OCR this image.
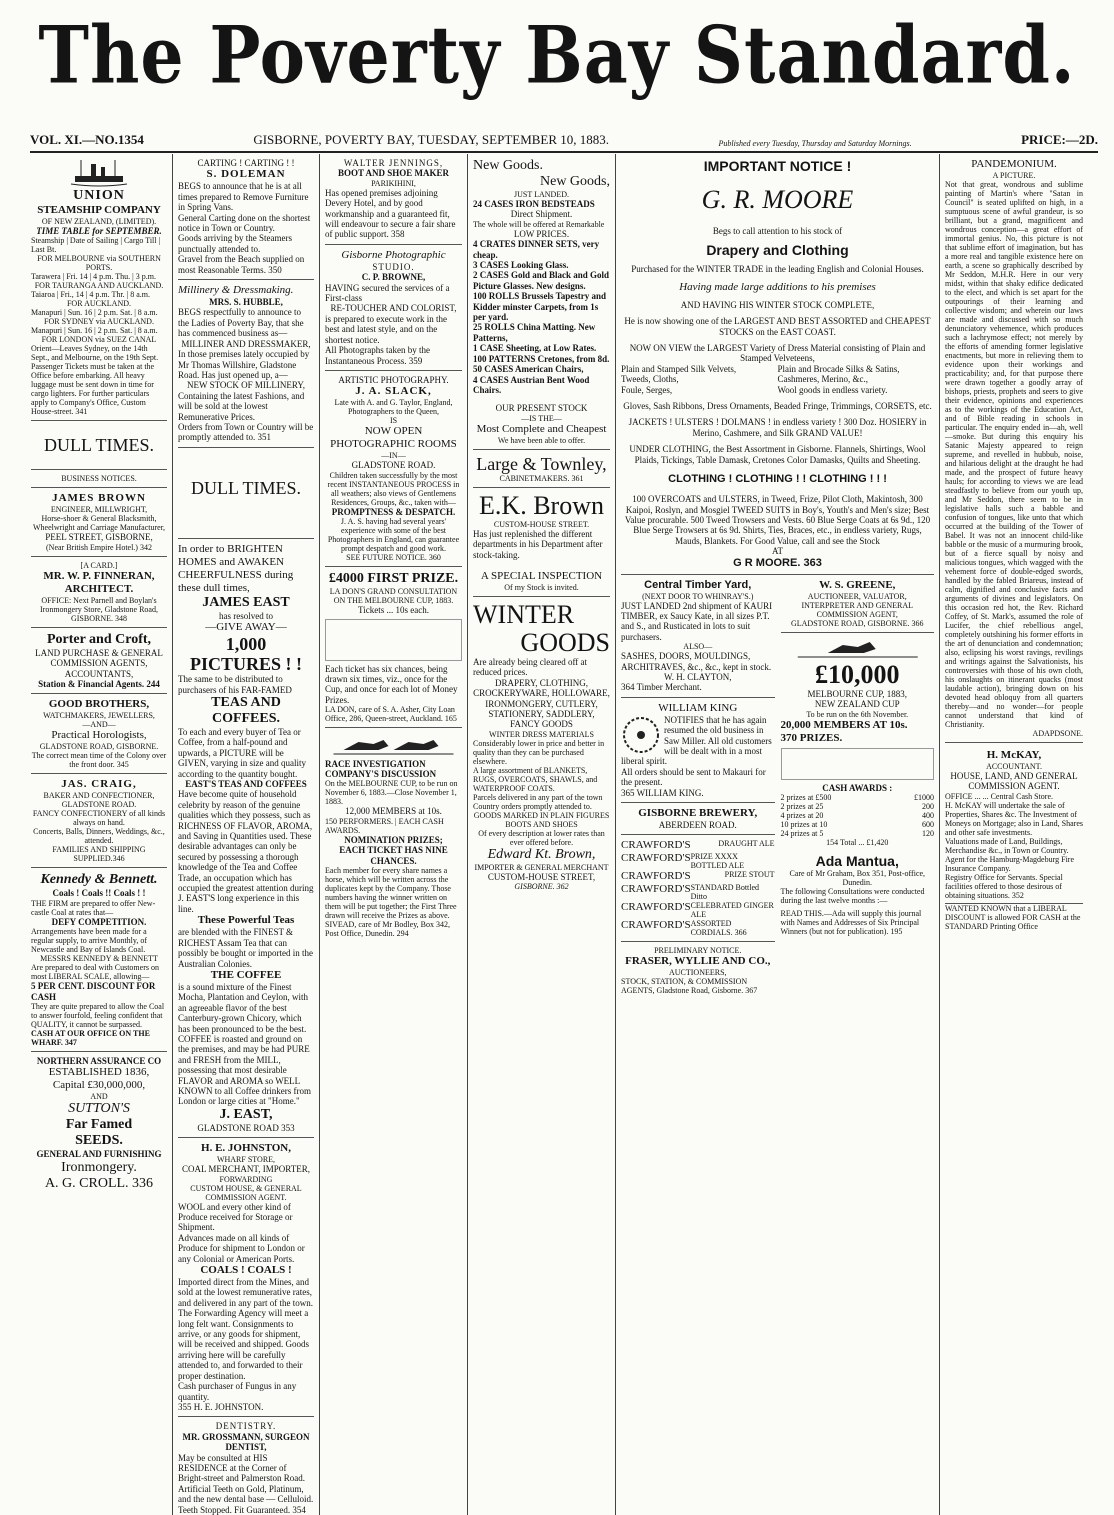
The Poverty Bay Standard.
VOL. XI.—NO.1354	GISBORNE, POVERTY BAY, TUESDAY, SEPTEMBER 10, 1883.	Published every Tuesday, Thursday and Saturday Mornings.	PRICE:—2D.
UNION
STEAMSHIP COMPANY
OF NEW ZEALAND, (LIMITED).
TIME TABLE for SEPTEMBER.
Steamship | Date of Sailing | Cargo Till | Last Bt.
FOR MELBOURNE via SOUTHERN PORTS.
Tarawera | Fri. 14 | 4 p.m. Thu. | 3 p.m.
FOR TAURANGA AND AUCKLAND.
Taiaroa | Fri., 14 | 4 p.m. Thr. | 8 a.m.
FOR AUCKLAND.
Manapuri | Sun. 16 | 2 p.m. Sat. | 8 a.m.
FOR SYDNEY via AUCKLAND.
Manapuri | Sun. 16 | 2 p.m. Sat. | 8 a.m.
FOR LONDON via SUEZ CANAL
Orient—Leaves Sydney, on the 14th Sept., and Melbourne, on the 19th Sept.
Passenger Tickets must be taken at the Office before embarking. All heavy luggage must be sent down in time for cargo lighters. For further particulars apply to Company's Office, Custom House-street. 341
DULL TIMES.
BUSINESS NOTICES.
JAMES BROWN
ENGINEER, MILLWRIGHT,
Horse-shoer & General Blacksmith, Wheelwright and Carriage Manufacturer,
PEEL STREET, GISBORNE,
(Near British Empire Hotel.) 342
[A CARD.]
MR. W. P. FINNERAN, ARCHITECT.
OFFICE: Next Parnell and Boylan's Ironmongery Store, Gladstone Road,
GISBORNE. 348
Porter and Croft,
LAND PURCHASE & GENERAL
COMMISSION AGENTS,
ACCOUNTANTS,
Station & Financial Agents. 244
GOOD BROTHERS,
WATCHMAKERS, JEWELLERS,
—AND—
Practical Horologists,
GLADSTONE ROAD, GISBORNE.
The correct mean time of the Colony over the front door. 345
JAS. CRAIG,
BAKER AND CONFECTIONER,
GLADSTONE ROAD.
FANCY CONFECTIONERY of all kinds always on hand.
Concerts, Balls, Dinners, Weddings, &c., attended.
FAMILIES AND SHIPPING SUPPLIED.346
Kennedy & Bennett.
Coals ! Coals !! Coals ! !
THE FIRM are prepared to offer New-castle Coal at rates that—
DEFY COMPETITION.
Arrangements have been made for a regular supply, to arrive Monthly, of Newcastle and Bay of Islands Coal.
MESSRS KENNEDY & BENNETT
Are prepared to deal with Customers on most LIBERAL SCALE, allowing—
5 PER CENT. DISCOUNT FOR CASH
They are quite prepared to allow the Coal to answer fourfold, feeling confident that QUALITY, it cannot be surpassed.
CASH AT OUR OFFICE ON THE WHARF. 347
NORTHERN ASSURANCE CO
ESTABLISHED 1836,
Capital £30,000,000,
AND
SUTTON'S
Far Famed
SEEDS.
GENERAL AND FURNISHING
Ironmongery.
A. G. CROLL. 336
CARTING ! CARTING ! !
S. DOLEMAN
BEGS to announce that he is at all times prepared to Remove Furniture in Spring Vans.
General Carting done on the shortest notice in Town or Country.
Goods arriving by the Steamers punctually attended to.
Gravel from the Beach supplied on most Reasonable Terms. 350
Millinery & Dressmaking.
MRS. S. HUBBLE,
BEGS respectfully to announce to the Ladies of Poverty Bay, that she has commenced business as—
MILLINER AND DRESSMAKER,
In those premises lately occupied by Mr Thomas Willshire, Gladstone Road. Has just opened up, a—
NEW STOCK OF MILLINERY,
Containing the latest Fashions, and will be sold at the lowest Remunerative Prices.
Orders from Town or Country will be promptly attended to. 351
DULL TIMES.
In order to BRIGHTEN HOMES and AWAKEN CHEERFULNESS during these dull times,
JAMES EAST
has resolved to
—GIVE AWAY—
1,000 PICTURES ! !
The same to be distributed to purchasers of his FAR-FAMED
TEAS AND COFFEES.
To each and every buyer of Tea or Coffee, from a half-pound and upwards, a PICTURE will be GIVEN, varying in size and quality according to the quantity bought.
EAST'S TEAS AND COFFEES
Have become quite of household celebrity by reason of the genuine qualities which they possess, such as RICHNESS OF FLAVOR, AROMA, and Saving in Quantities used. These desirable advantages can only be secured by possessing a thorough knowledge of the Tea and Coffee Trade, an occupation which has occupied the greatest attention during J. EAST'S long experience in this line.
These Powerful Teas
are blended with the FINEST & RICHEST Assam Tea that can possibly be bought or imported in the Australian Colonies.
THE COFFEE
is a sound mixture of the Finest Mocha, Plantation and Ceylon, with an agreeable flavor of the best Canterbury-grown Chicory, which has been pronounced to be the best. COFFEE is roasted and ground on the premises, and may be had PURE and FRESH from the MILL, possessing that most desirable FLAVOR and AROMA so WELL KNOWN to all Coffee drinkers from London or large cities at "Home."
J. EAST,
GLADSTONE ROAD 353
H. E. JOHNSTON,
WHARF STORE,
COAL MERCHANT, IMPORTER,
FORWARDING
CUSTOM HOUSE, & GENERAL COMMISSION AGENT.
WOOL and every other kind of Produce received for Storage or Shipment.
Advances made on all kinds of Produce for shipment to London or any Colonial or American Ports.
COALS ! COALS !
Imported direct from the Mines, and sold at the lowest remunerative rates, and delivered in any part of the town.
The Forwarding Agency will meet a long felt want. Consignments to arrive, or any goods for shipment, will be received and shipped. Goods arriving here will be carefully attended to, and forwarded to their proper destination.
Cash purchaser of Fungus in any quantity.
355 H. E. JOHNSTON.
DENTISTRY.
MR. GROSSMANN, SURGEON DENTIST,
May be consulted at HIS RESIDENCE at the Corner of Bright-street and Palmerston Road.
Artificial Teeth on Gold, Platinum, and the new dental base — Celluloid. Teeth Stopped. Fit Guaranteed. 354
WALTER JENNINGS,
BOOT AND SHOE MAKER
PARIKIHINI,
Has opened premises adjoining Devery Hotel, and by good workmanship and a guaranteed fit, will endeavour to secure a fair share of public support. 358
Gisborne Photographic
STUDIO.
C. P. BROWNE,
HAVING secured the services of a First-class
RE-TOUCHER AND COLORIST,
is prepared to execute work in the best and latest style, and on the shortest notice.
All Photographs taken by the Instantaneous Process. 359
ARTISTIC PHOTOGRAPHY.
J. A. SLACK,
Late with A. and G. Taylor, England, Photographers to the Queen,
IS
NOW OPEN
PHOTOGRAPHIC ROOMS
—IN—
GLADSTONE ROAD.
Children taken successfully by the most recent INSTANTANEOUS PROCESS in all weathers; also views of Gentlemens Residences, Groups, &c., taken with—
PROMPTNESS & DESPATCH.
J. A. S. having had several years' experience with some of the best Photographers in England, can guarantee prompt despatch and good work.
SEE FUTURE NOTICE. 360
£4000 FIRST PRIZE.
LA DON'S GRAND CONSULTATION
ON THE MELBOURNE CUP, 1883.
Tickets ... 10s each.
Each ticket has six chances, being drawn six times, viz., once for the Cup, and once for each lot of Money Prizes.
LA DON, care of S. A. Asher, City Loan Office, 286, Queen-street, Auckland. 165
RACE INVESTIGATION COMPANY'S DISCUSSION
On the MELBOURNE CUP, to be run on November 6, 1883.—Close November 1, 1883.
12,000 MEMBERS at 10s.
150 PERFORMERS. | EACH CASH AWARDS.
NOMINATION PRIZES;
EACH TICKET HAS NINE CHANCES.
Each member for every share names a horse, which will be written across the duplicates kept by the Company. Those numbers having the winner written on them will be put together; the First Three drawn will receive the Prizes as above.
SIVEAD, care of Mr Bodley, Box 342, Post Office, Dunedin. 294
New Goods.
New Goods,
JUST LANDED.
24 CASES IRON BEDSTEADS
Direct Shipment.
The whole will be offered at Remarkable
LOW PRICES.
4 CRATES DINNER SETS, very cheap.
3 CASES Looking Glass.
2 CASES Gold and Black and Gold Picture Glasses. New designs.
100 ROLLS Brussels Tapestry and Kidder minster Carpets, from 1s per yard.
25 ROLLS China Matting. New Patterns,
1 CASE Sheeting, at Low Rates.
100 PATTERNS Cretones, from 8d.
50 CASES American Chairs,
4 CASES Austrian Bent Wood Chairs.
OUR PRESENT STOCK
—IS THE—
Most Complete and Cheapest
We have been able to offer.
Large & Townley,
CABINETMAKERS. 361
E.K. Brown
CUSTOM-HOUSE STREET.
Has just replenished the different departments in his Department after stock-taking.
A SPECIAL INSPECTION
Of my Stock is invited.
WINTER
GOODS
Are already being cleared off at reduced prices.
DRAPERY, CLOTHING, CROCKERYWARE, HOLLOWARE, IRONMONGERY, CUTLERY, STATIONERY, SADDLERY, FANCY GOODS
WINTER DRESS MATERIALS
Considerably lower in price and better in quality than they can be purchased elsewhere.
A large assortment of BLANKETS, RUGS, OVERCOATS, SHAWLS, and WATERPROOF COATS.
Parcels delivered in any part of the town Country orders promptly attended to.
GOODS MARKED IN PLAIN FIGURES
BOOTS AND SHOES
Of every description at lower rates than ever offered before.
Edward Kt. Brown,
IMPORTER & GENERAL MERCHANT
CUSTOM-HOUSE STREET,
GISBORNE. 362
IMPORTANT NOTICE !
G. R. MOORE
Begs to call attention to his stock of
Drapery and Clothing
Purchased for the WINTER TRADE in the leading English and Colonial Houses.
Having made large additions to his premises
AND HAVING HIS WINTER STOCK COMPLETE,
He is now showing one of the LARGEST AND BEST ASSORTED and CHEAPEST STOCKS on the EAST COAST.
NOW ON VIEW the LARGEST Variety of Dress Material consisting of Plain and Stamped Velveteens,
Plain and Stamped Silk Velvets,	Plain and Brocade Silks & Satins,
Tweeds, Cloths,	Cashmeres, Merino, &c.,
Foule, Serges,	Wool goods in endless variety.
Gloves, Sash Ribbons, Dress Ornaments, Beaded Fringe, Trimmings, CORSETS, etc.
JACKETS ! ULSTERS ! DOLMANS ! in endless variety ! 300 Doz. HOSIERY in Merino, Cashmere, and Silk GRAND VALUE!
UNDER CLOTHING, the Best Assortment in Gisborne. Flannels, Shirtings, Wool Plaids, Tickings, Table Damask, Cretones Color Damasks, Quilts and Sheeting.
CLOTHING ! CLOTHING ! ! CLOTHING ! ! !
100 OVERCOATS and ULSTERS, in Tweed, Frize, Pilot Cloth, Makintosh, 300 Kaipoi, Roslyn, and Mosgiel TWEED SUITS in Boy's, Youth's and Men's size; Best Value procurable. 500 Tweed Trowsers and Vests. 60 Blue Serge Coats at 6s 9d., 120 Blue Serge Trowsers at 6s 9d. Shirts, Ties, Braces, etc., in endless variety, Rugs, Mauds, Blankets. For Good Value, call and see the Stock
AT
G R MOORE. 363
Central Timber Yard,
(NEXT DOOR TO WHINRAY'S.)
JUST LANDED 2nd shipment of KAURI TIMBER, ex Saucy Kate, in all sizes P.T. and S., and Rusticated in lots to suit purchasers.
ALSO—
SASHES, DOORS, MOULDINGS, ARCHITRAVES, &c., &c., kept in stock.
W. H. CLAYTON,
364 Timber Merchant.
WILLIAM KING
NOTIFIES that he has again resumed the old business in Saw Miller. All old customers will be dealt with in a most liberal spirit.
All orders should be sent to Makauri for the present.
365 WILLIAM KING.
GISBORNE BREWERY,
ABERDEEN ROAD.
CRAWFORD'S	DRAUGHT ALE
CRAWFORD'S PRIZE XXXX BOTTLED ALE
CRAWFORD'S	PRIZE STOUT
CRAWFORD'S STANDARD Bottled Ditto
CRAWFORD'S CELEBRATED GINGER ALE
CRAWFORD'S ASSORTED CORDIALS. 366
PRELIMINARY NOTICE.
FRASER, WYLLIE AND CO.,
AUCTIONEERS,
STOCK, STATION, & COMMISSION AGENTS, Gladstone Road, Gisborne. 367
W. S. GREENE,
AUCTIONEER, VALUATOR,
INTERPRETER AND GENERAL COMMISSION AGENT,
GLADSTONE ROAD, GISBORNE. 366
£10,000
MELBOURNE CUP, 1883,
NEW ZEALAND CUP
To be run on the 6th November.
20,000 MEMBERS AT 10s.
370 PRIZES.
CASH AWARDS :
2 prizes at £500	£1000
2 prizes at 25	200
4 prizes at 20	400
10 prizes at 10	600
24 prizes at 5	120
154 Total ... £1,420
Ada Mantua,
Care of Mr Graham, Box 351, Post-office, Dunedin.
The following Consultations were conducted during the last twelve months :—
READ THIS.—Ada will supply this journal with Names and Addresses of Six Principal Winners (but not for publication). 195
PANDEMONIUM.
A PICTURE.
Not that great, wondrous and sublime painting of Martin's where "Satan in Council" is seated uplifted on high, in a sumptuous scene of awful grandeur, is so brilliant, but a grand, magnificent and wondrous conception—a great effort of immortal genius. No, this picture is not that sublime effort of imagination, but has a more real and tangible existence here on earth, a scene so graphically described by Mr Seddon, M.H.R. Here in our very midst, within that shaky edifice dedicated to the elect, and which is set apart for the outpourings of their learning and collective wisdom; and wherein our laws are made and discussed with so much denunciatory vehemence, which produces such a lachrymose effect; not merely by the efforts of amending former legislative enactments, but more in relieving them to evidence upon their workings and practicability; and, for that purpose there were drawn together a goodly array of bishops, priests, prophets and seers to give their evidence, opinions and experiences as to the workings of the Education Act, and of Bible reading in schools in particular. The enquiry ended in—ah, well—smoke. But during this enquiry his Satanic Majesty appeared to reign supreme, and revelled in hubbub, noise, and hilarious delight at the draught he had made, and the prospect of future heavy hauls; for according to views we are lead steadfastly to believe from our youth up, and Mr Seddon, there seem to be in legislative halls such a babble and confusion of tongues, like unto that which occurred at the building of the Tower of Babel. It was not an innocent child-like babble or the music of a murmuring brook, but of a fierce squall by noisy and malicious tongues, which wagged with the vehement force of double-edged swords, handled by the fabled Briareus, instead of calm, dignified and conclusive facts and arguments of divines and legislators. On this occasion red hot, the Rev. Richard Coffey, of St. Mark's, assumed the role of Lucifer, the chief rebellious angel, completely outshining his former efforts in the art of denunciation and condemnation; also, eclipsing his worst ravings, revilings and writings against the Salvationists, his controversies with those of his own cloth, his onslaughts on itinerant quacks (most laudable action), bringing down on his devoted head obloquy from all quarters thereby—and no wonder—for people cannot understand that kind of Christianity.
ADAPDSONE.
H. McKAY,
ACCOUNTANT.
HOUSE, LAND, AND GENERAL COMMISSION AGENT.
OFFICE ... ... Central Cash Store.
H. McKAY will undertake the sale of Properties, Shares &c. The Investment of Moneys on Mortgage; also in Land, Shares and other safe investments.
Valuations made of Land, Buildings, Merchandise &c., in Town or Country.
Agent for the Hamburg-Magdeburg Fire Insurance Company.
Registry Office for Servants. Special facilities offered to those desirous of obtaining situations. 352
WANTED KNOWN that a LIBERAL DISCOUNT is allowed FOR CASH at the STANDARD Printing Office
